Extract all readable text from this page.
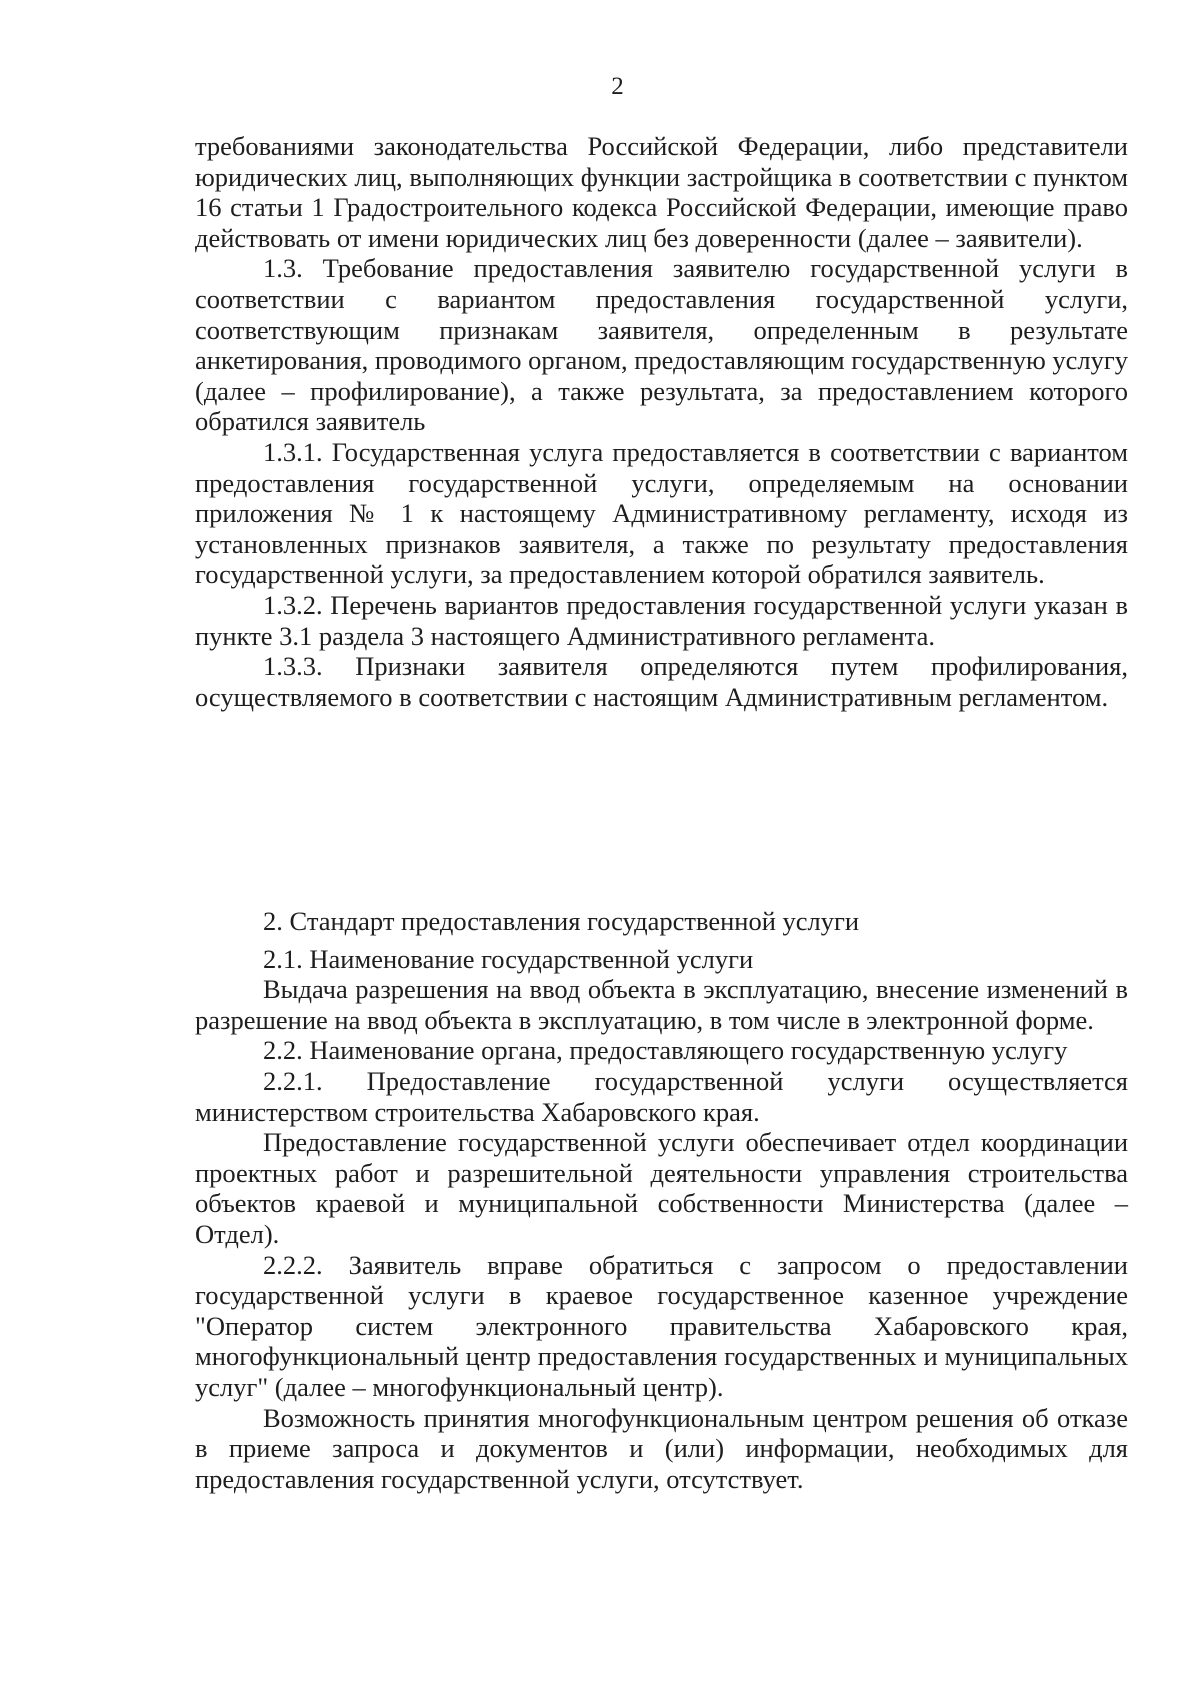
2

требованиями законодательства Российской Федерации, либо представители юридических лиц, выполняющих функции застройщика в соответствии с пунктом 16 статьи 1 Градостроительного кодекса Российской Федерации, имеющие право действовать от имени юридических лиц без доверенности (далее – заявители).

1.3. Требование предоставления заявителю государственной услуги в соответствии с вариантом предоставления государственной услуги, соответствующим признакам заявителя, определенным в результате анкетирования, проводимого органом, предоставляющим государственную услугу (далее – профилирование), а также результата, за предоставлением которого обратился заявитель

1.3.1. Государственная услуга предоставляется в соответствии с вариантом предоставления государственной услуги, определяемым на основании приложения № 1 к настоящему Административному регламенту, исходя из установленных признаков заявителя, а также по результату предоставления государственной услуги, за предоставлением которой обратился заявитель.

1.3.2. Перечень вариантов предоставления государственной услуги указан в пункте 3.1 раздела 3 настоящего Административного регламента.

1.3.3. Признаки заявителя определяются путем профилирования, осуществляемого в соответствии с настоящим Административным регламентом.

2. Стандарт предоставления государственной услуги

2.1. Наименование государственной услуги

Выдача разрешения на ввод объекта в эксплуатацию, внесение изменений в разрешение на ввод объекта в эксплуатацию, в том числе в электронной форме.

2.2. Наименование органа, предоставляющего государственную услугу

2.2.1. Предоставление государственной услуги осуществляется министерством строительства Хабаровского края.

Предоставление государственной услуги обеспечивает отдел координации проектных работ и разрешительной деятельности управления строительства объектов краевой и муниципальной собственности Министерства (далее – Отдел).

2.2.2. Заявитель вправе обратиться с запросом о предоставлении государственной услуги в краевое государственное казенное учреждение "Оператор систем электронного правительства Хабаровского края, многофункциональный центр предоставления государственных и муниципальных услуг" (далее – многофункциональный центр).

Возможность принятия многофункциональным центром решения об отказе в приеме запроса и документов и (или) информации, необходимых для предоставления государственной услуги, отсутствует.
